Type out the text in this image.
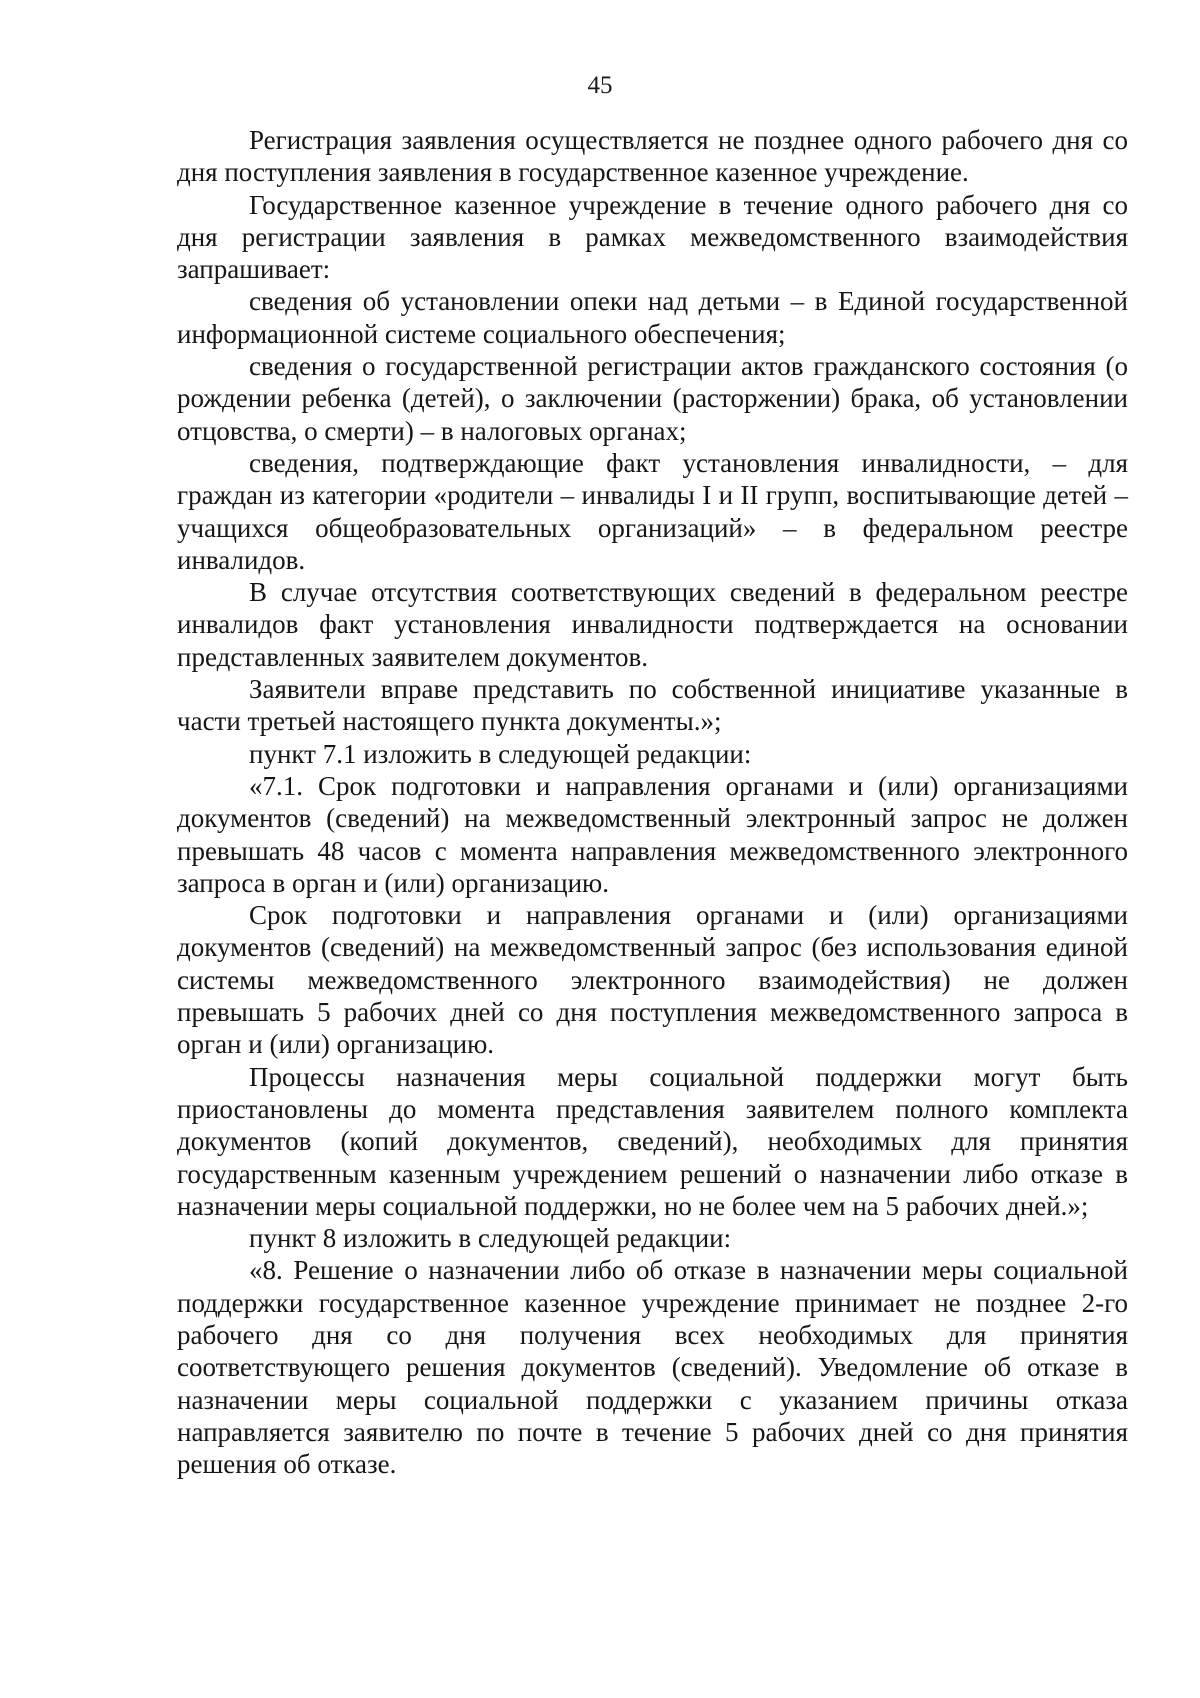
45

Регистрация заявления осуществляется не позднее одного рабочего дня со дня поступления заявления в государственное казенное учреждение.

Государственное казенное учреждение в течение одного рабочего дня со дня регистрации заявления в рамках межведомственного взаимодействия запрашивает:

сведения об установлении опеки над детьми – в Единой государственной информационной системе социального обеспечения;

сведения о государственной регистрации актов гражданского состояния (о рождении ребенка (детей), о заключении (расторжении) брака, об установлении отцовства, о смерти) – в налоговых органах;

сведения, подтверждающие факт установления инвалидности, – для граждан из категории «родители – инвалиды I и II групп, воспитывающие детей – учащихся общеобразовательных организаций» – в федеральном реестре инвалидов.

В случае отсутствия соответствующих сведений в федеральном реестре инвалидов факт установления инвалидности подтверждается на основании представленных заявителем документов.

Заявители вправе представить по собственной инициативе указанные в части третьей настоящего пункта документы.»;

пункт 7.1 изложить в следующей редакции:

«7.1. Срок подготовки и направления органами и (или) организациями документов (сведений) на межведомственный электронный запрос не должен превышать 48 часов с момента направления межведомственного электронного запроса в орган и (или) организацию.

Срок подготовки и направления органами и (или) организациями документов (сведений) на межведомственный запрос (без использования единой системы межведомственного электронного взаимодействия) не должен превышать 5 рабочих дней со дня поступления межведомственного запроса в орган и (или) организацию.

Процессы назначения меры социальной поддержки могут быть приостановлены до момента представления заявителем полного комплекта документов (копий документов, сведений), необходимых для принятия государственным казенным учреждением решений о назначении либо отказе в назначении меры социальной поддержки, но не более чем на 5 рабочих дней.»;

пункт 8 изложить в следующей редакции:

«8. Решение о назначении либо об отказе в назначении меры социальной поддержки государственное казенное учреждение принимает не позднее 2-го рабочего дня со дня получения всех необходимых для принятия соответствующего решения документов (сведений). Уведомление об отказе в назначении меры социальной поддержки с указанием причины отказа направляется заявителю по почте в течение 5 рабочих дней со дня принятия решения об отказе.
